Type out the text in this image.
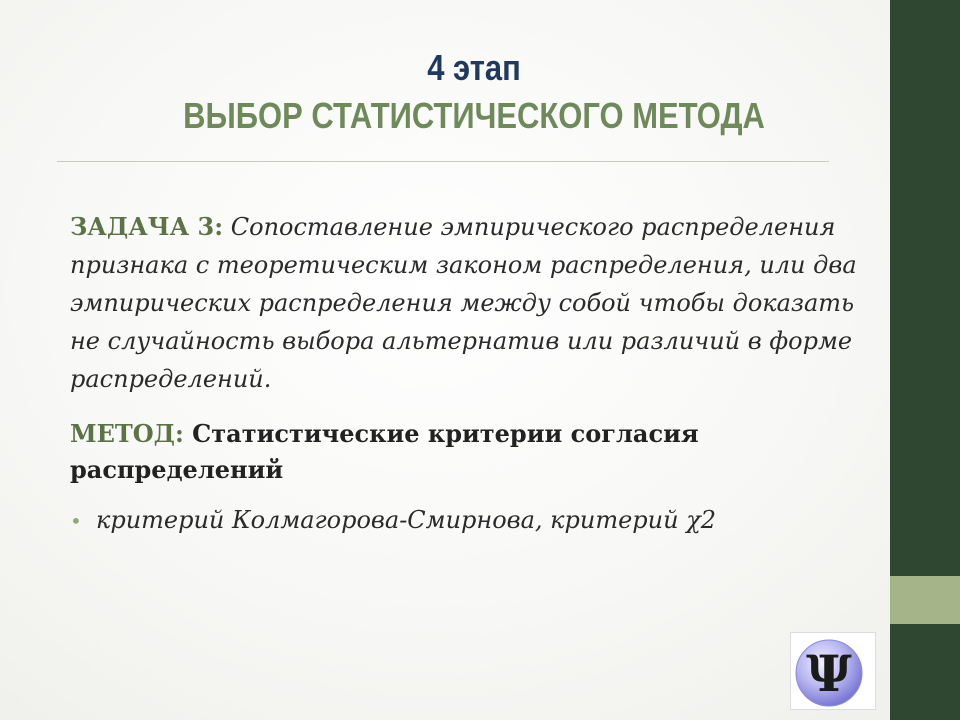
4 этап
ВЫБОР СТАТИСТИЧЕСКОГО МЕТОДА

ЗАДАЧА 3: Сопоставление эмпирического распределения признака с теоретическим законом распределения, или два эмпирических распределения между собой чтобы доказать не случайность выбора альтернатив или различий в форме распределений.

МЕТОД: Статистические критерии согласия распределений

• критерий Колмагорова-Смирнова, критерий χ2
Ψ
